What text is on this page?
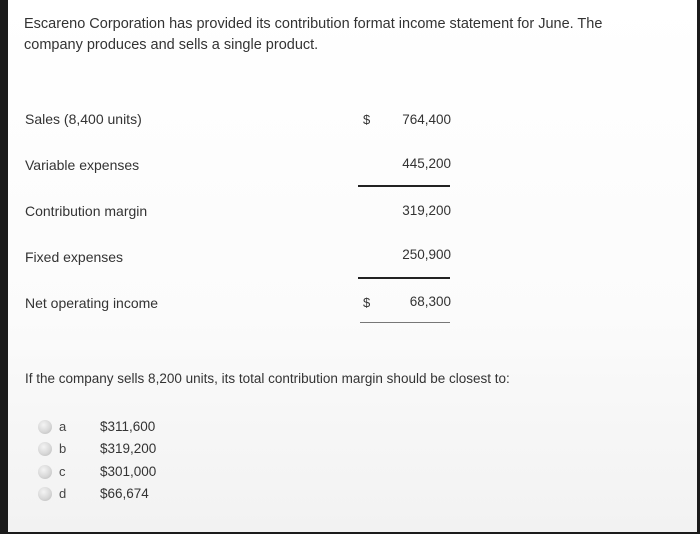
Escareno Corporation has provided its contribution format income statement for June. The company produces and sells a single product.
Sales (8,400 units)	$ 764,400
Variable expenses	445,200
Contribution margin	319,200
Fixed expenses	250,900
Net operating income	$	68,300
If the company sells 8,200 units, its total contribution margin should be closest to:
a	$311,600
b	$319,200
c	$301,000
d	$66,674
